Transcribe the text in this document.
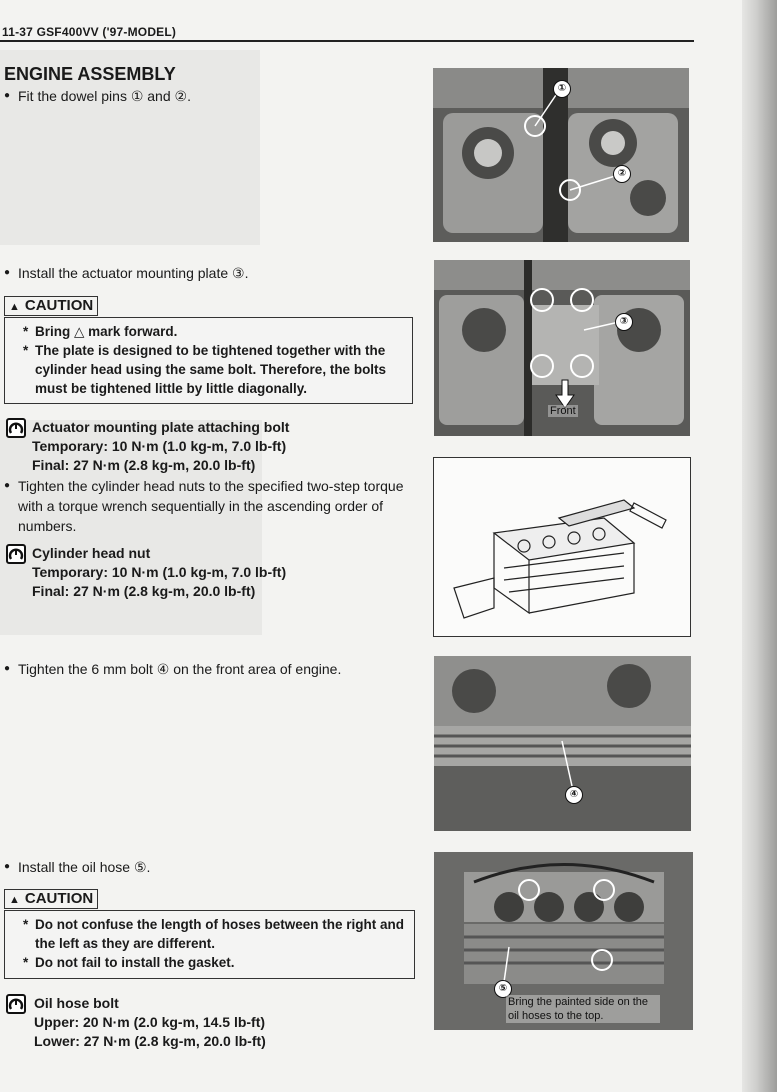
11-37 GSF400VV ('97-MODEL)
ENGINE ASSEMBLY
● Fit the dowel pins ① and ②.
● Install the actuator mounting plate ③.
▲ CAUTION
* Bring △ mark forward.
* The plate is designed to be tightened together with the cylinder head using the same bolt. Therefore, the bolts must be tightened little by little diagonally.
Actuator mounting plate attaching bolt
Temporary: 10 N·m (1.0 kg-m, 7.0 lb-ft)
Final: 27 N·m (2.8 kg-m, 20.0 lb-ft)
● Tighten the cylinder head nuts to the specified two-step torque with a torque wrench sequentially in the ascending order of numbers.
Cylinder head nut
Temporary: 10 N·m (1.0 kg-m, 7.0 lb-ft)
Final: 27 N·m (2.8 kg-m, 20.0 lb-ft)
● Tighten the 6 mm bolt ④ on the front area of engine.
● Install the oil hose ⑤.
▲ CAUTION
* Do not confuse the length of hoses between the right and the left as they are different.
* Do not fail to install the gasket.
Oil hose bolt
Upper: 20 N·m (2.0 kg-m, 14.5 lb-ft)
Lower: 27 N·m (2.8 kg-m, 20.0 lb-ft)
①
②
③
Front
④
⑤
Bring the painted side on the oil hoses to the top.
